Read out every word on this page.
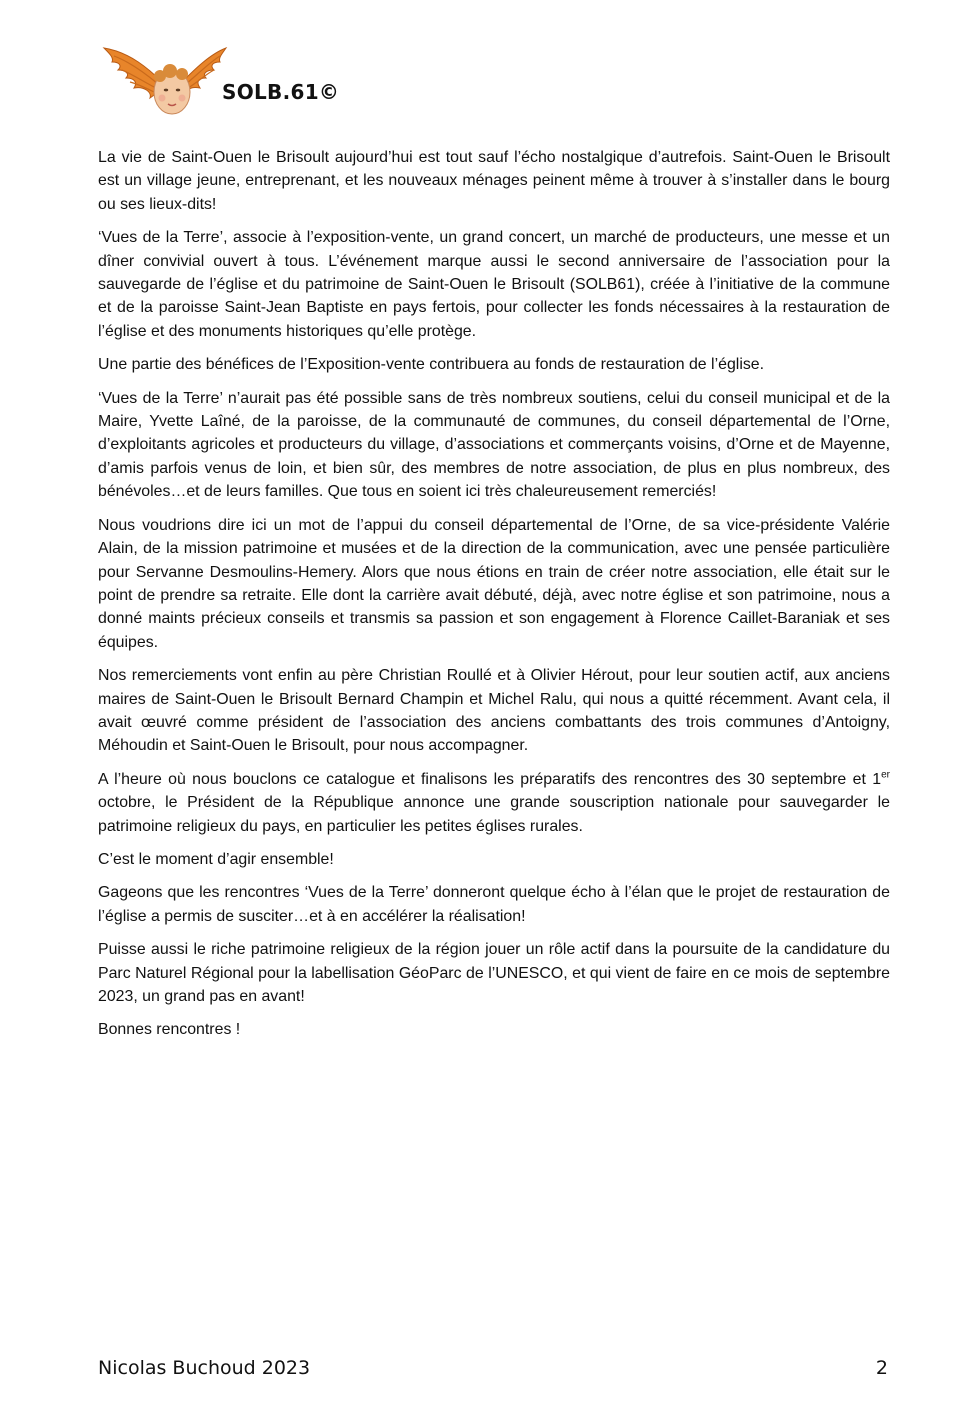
SOLB.61©

La vie de Saint-Ouen le Brisoult aujourd’hui est tout sauf l’écho nostalgique d’autrefois. Saint-Ouen le Brisoult est un village jeune, entreprenant, et les nouveaux ménages peinent même à trouver à s’installer dans le bourg ou ses lieux-dits!

‘Vues de la Terre’, associe à l’exposition-vente, un grand concert, un marché de producteurs, une messe et un dîner convivial ouvert à tous. L’événement marque aussi le second anniversaire de l’association pour la sauvegarde de l’église et du patrimoine de Saint-Ouen le Brisoult (SOLB61), créée à l’initiative de la commune et de la paroisse Saint-Jean Baptiste en pays fertois, pour collecter les fonds nécessaires à la restauration de l’église et des monuments historiques qu’elle protège.

Une partie des bénéfices de l’Exposition-vente contribuera au fonds de restauration de l’église.

‘Vues de la Terre’ n’aurait pas été possible sans de très nombreux soutiens, celui du conseil municipal et de la Maire, Yvette Laîné, de la paroisse, de la communauté de communes, du conseil départemental de l’Orne, d’exploitants agricoles et producteurs du village, d’associations et commerçants voisins, d’Orne et de Mayenne, d’amis parfois venus de loin, et bien sûr, des membres de notre association, de plus en plus nombreux, des bénévoles…et de leurs familles. Que tous en soient ici très chaleureusement remerciés!

Nous voudrions dire ici un mot de l’appui du conseil départemental de l’Orne, de sa vice-présidente Valérie Alain, de la mission patrimoine et musées et de la direction de la communication, avec une pensée particulière pour Servanne Desmoulins-Hemery. Alors que nous étions en train de créer notre association, elle était sur le point de prendre sa retraite. Elle dont la carrière avait débuté, déjà, avec notre église et son patrimoine, nous a donné maints précieux conseils et transmis sa passion et son engagement à Florence Caillet-Baraniak et ses équipes.

Nos remerciements vont enfin au père Christian Roullé et à Olivier Hérout, pour leur soutien actif, aux anciens maires de Saint-Ouen le Brisoult Bernard Champin et Michel Ralu, qui nous a quitté récemment. Avant cela, il avait œuvré comme président de l’association des anciens combattants des trois communes d’Antoigny, Méhoudin et Saint-Ouen le Brisoult, pour nous accompagner.

A l’heure où nous bouclons ce catalogue et finalisons les préparatifs des rencontres des 30 septembre et 1er octobre, le Président de la République annonce une grande souscription nationale pour sauvegarder le patrimoine religieux du pays, en particulier les petites églises rurales.

C’est le moment d’agir ensemble!

Gageons que les rencontres ‘Vues de la Terre’ donneront quelque écho à l’élan que le projet de restauration de l’église a permis de susciter…et à en accélérer la réalisation!

Puisse aussi le riche patrimoine religieux de la région jouer un rôle actif dans la poursuite de la candidature du Parc Naturel Régional pour la labellisation GéoParc de l’UNESCO, et qui vient de faire en ce mois de septembre 2023, un grand pas en avant!

Bonnes rencontres !

Nicolas Buchoud 2023	2
